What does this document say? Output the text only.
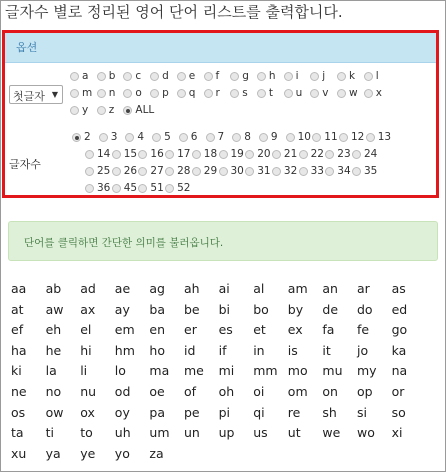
글자수 별로 정리된 영어 단어 리스트를 출력합니다.
옵션
첫글자 ▼
a b c d e f g h i j k l
m n o p q r s t u v w x
y z ALL
글자수
2 3 4 5 6 7 8 9 10 11 12 13
14 15 16 17 18 19 20 21 22 23 24
25 26 27 28 29 30 31 32 33 34 35
36 45 51 52
단어를 클릭하면 간단한 의미를 불러옵니다.
aa ab ad ae ag ah ai al am an ar as
at aw ax ay ba be bi bo by de do ed
ef eh el em en er es et ex fa fe go
ha he hi hm ho id if in is it jo ka
ki la li lo ma me mi mm mo mu my na
ne no nu od oe of oh oi om on op or
os ow ox oy pa pe pi qi re sh si so
ta ti to uh um un up us ut we wo xi
xu ya ye yo za
